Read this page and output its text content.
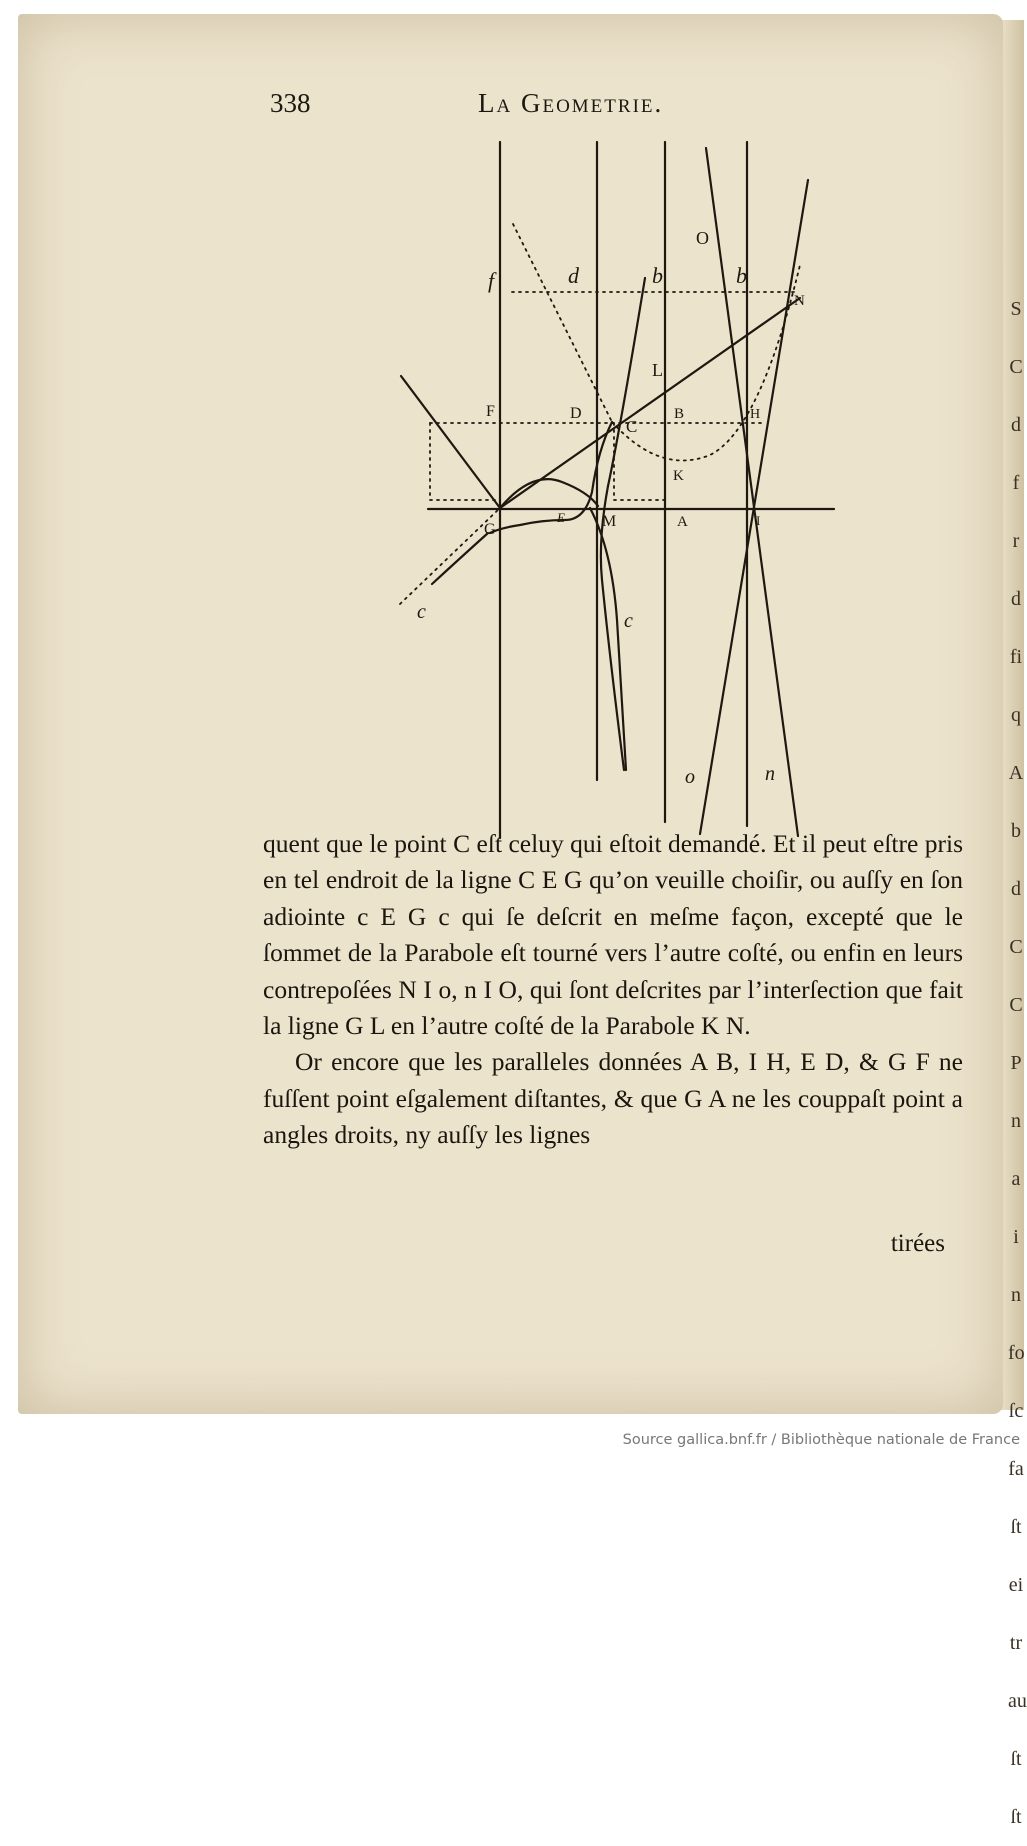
S
C
d
f
r
d
fi
q
A
b
d
C
C
P
n
a
i
n
fo
ſc
fa
ſt
ei
tr
au
ſt
ſt
338	La Geometrie.
f	d	b	b
O
N
L
F	D
C
B	H
K
G
E M	A	I
c	c
o	n

quent que le point C eſt celuy qui eſtoit demandé. Et il peut eſtre pris en tel endroit de la ligne C E G qu’on veuille choiſir, ou auſſy en ſon adiointe c E G c qui ſe deſcrit en meſme façon, excepté que le ſommet de la Parabole eſt tourné vers l’autre coſté, ou enfin en leurs contrepoſées N I o, n I O, qui ſont deſcrites par l’interſection que fait la ligne G L en l’autre coſté de la Parabole K N.

Or encore que les paralleles données A B, I H, E D, & G F ne fuſſent point eſgalement diſtantes, & que G A ne les couppaſt point a angles droits, ny auſſy les lignes

tirées
Source gallica.bnf.fr / Bibliothèque nationale de France
